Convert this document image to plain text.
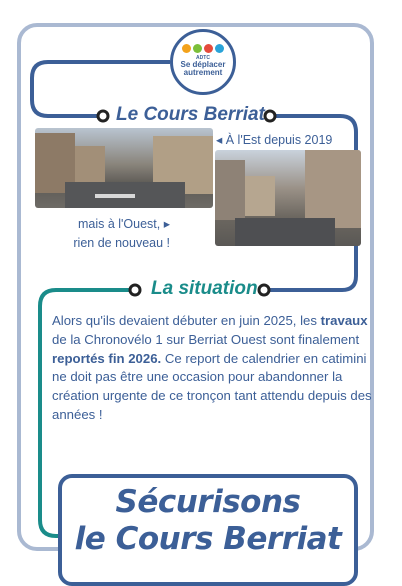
ADTC
Se déplacer
autrement
Le Cours Berriat
◂ À l'Est depuis 2019
mais à l'Ouest, ▸
rien de nouveau !
La situation
Alors qu'ils devaient débuter en juin 2025, les travaux de la Chronovélo 1 sur Berriat Ouest sont finalement reportés fin 2026. Ce report de calendrier en catimini ne doit pas être une occasion pour abandonner la création urgente de ce tronçon tant attendu depuis des années !
Sécurisons
le Cours Berriat
